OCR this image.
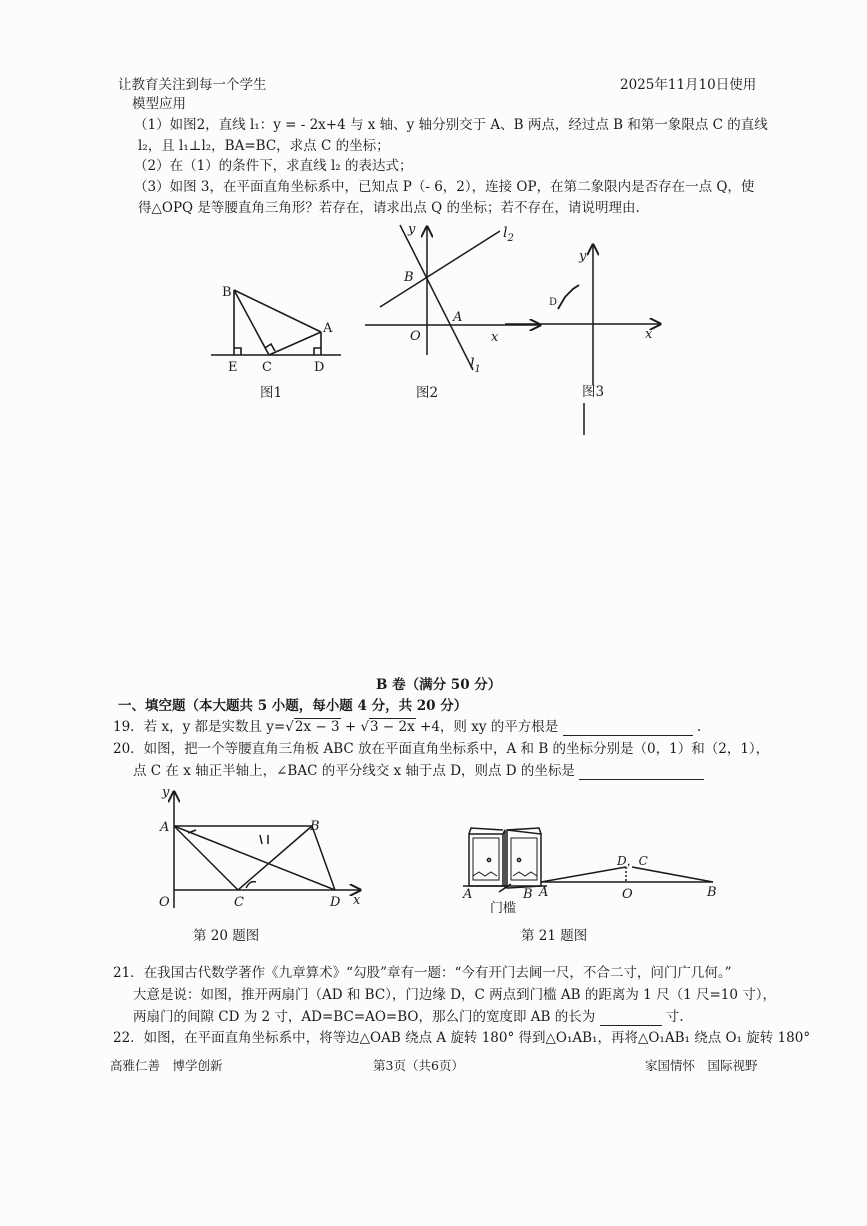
让教育关注到每一个学生	2025年11月10日使用
模型应用
（1）如图2，直线 l₁：y = - 2x+4 与 x 轴、y 轴分别交于 A、B 两点，经过点 B 和第一象限点 C 的直线
l₂，且 l₁⊥l₂，BA=BC，求点 C 的坐标；
（2）在（1）的条件下，求直线 l₂ 的表达式；
（3）如图 3，在平面直角坐标系中，已知点 P（- 6，2），连接 OP，在第二象限内是否存在一点 Q，使
得△OPQ 是等腰直角三角形？若存在，请求出点 Q 的坐标；若不存在，请说明理由.
B
A
E C	D
图1
y	$l_2$
B
A
O	x
$l_1$
图2
y
D
x
图3
B 卷（满分 50 分）
一、填空题（本大题共 5 小题，每小题 4 分，共 20 分）
19．若 x，y 都是实数且 y=√2x − 3 + √3 − 2x +4，则 xy 的平方根是	.
20．如图，把一个等腰直角三角板 ABC 放在平面直角坐标系中，A 和 B 的坐标分别是（0，1）和（2，1），
点 C 在 x 轴正半轴上，∠BAC 的平分线交 x 轴于点 D，则点 D 的坐标是
y
A	B
O	C	D x
第 20 题图
A	B
门槛
A
D，C
O	B
第 21 题图
21．在我国古代数学著作《九章算术》“勾股”章有一题：“今有开门去阃一尺，不合二寸，问门广几何。”
大意是说：如图，推开两扇门（AD 和 BC），门边缘 D，C 两点到门槛 AB 的距离为 1 尺（1 尺=10 寸），
两扇门的间隙 CD 为 2 寸，AD=BC=AO=BO，那么门的宽度即 AB 的长为	寸.
22．如图，在平面直角坐标系中，将等边△OAB 绕点 A 旋转 180° 得到△O₁AB₁，再将△O₁AB₁ 绕点 O₁ 旋转 180°
高雅仁善　博学创新	第3页（共6页）	家国情怀　国际视野
